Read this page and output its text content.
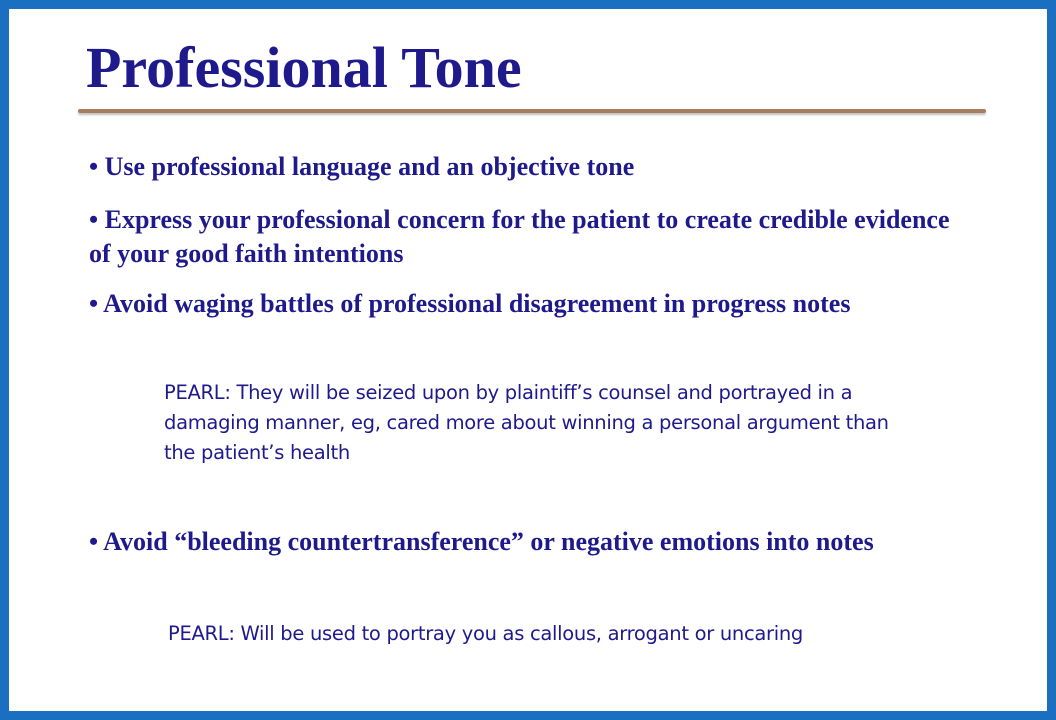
Professional Tone

• Use professional language and an objective tone

• Express your professional concern for the patient to create credible evidence of your good faith intentions

• Avoid waging battles of professional disagreement in progress notes

PEARL: They will be seized upon by plaintiff’s counsel and portrayed in a damaging manner, eg, cared more about winning a personal argument than the patient’s health

• Avoid “bleeding countertransference” or negative emotions into notes

PEARL: Will be used to portray you as callous, arrogant or uncaring
